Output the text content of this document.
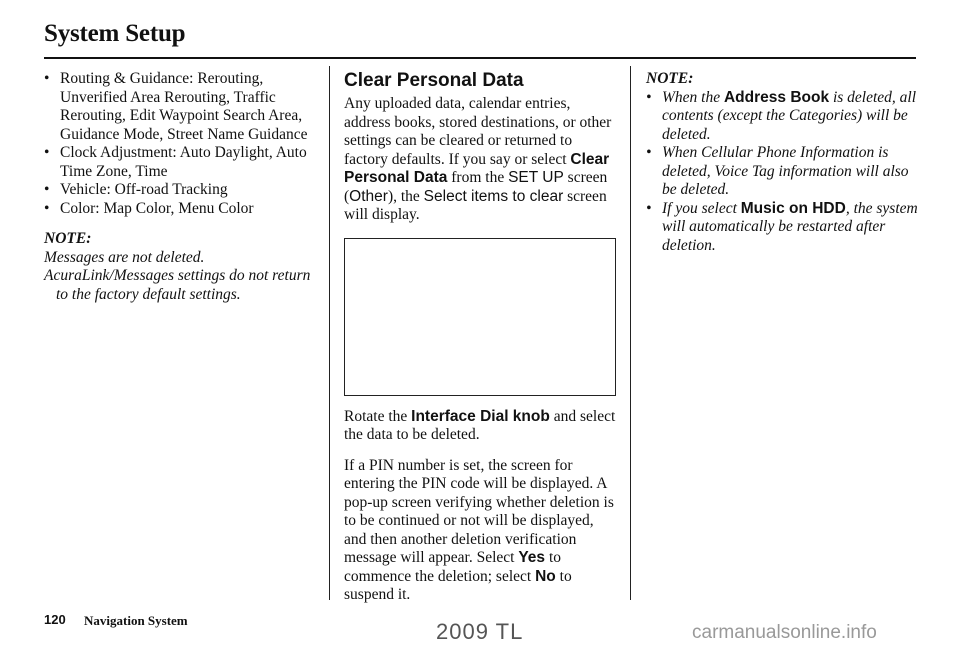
System Setup
• Routing & Guidance: Rerouting, Unverified Area Rerouting, Traffic Rerouting, Edit Waypoint Search Area, Guidance Mode, Street Name Guidance
• Clock Adjustment: Auto Daylight, Auto Time Zone, Time
• Vehicle: Off-road Tracking
• Color: Map Color, Menu Color
NOTE:

Messages are not deleted.

AcuraLink/Messages settings do not return to the factory default settings.

Clear Personal Data

Any uploaded data, calendar entries, address books, stored destinations, or other settings can be cleared or returned to factory defaults. If you say or select Clear Personal Data from the SET UP screen (Other), the Select items to clear screen will display.

Rotate the Interface Dial knob and select the data to be deleted.

If a PIN number is set, the screen for entering the PIN code will be displayed. A pop-up screen verifying whether deletion is to be continued or not will be displayed, and then another deletion verification message will appear. Select Yes to commence the deletion; select No to suspend it.

NOTE:
• When the Address Book is deleted, all contents (except the Categories) will be deleted.
• When Cellular Phone Information is deleted, Voice Tag information will also be deleted.
• If you select Music on HDD, the system will automatically be restarted after deletion.
120 Navigation System	2009 TL	carmanualsonline.info
